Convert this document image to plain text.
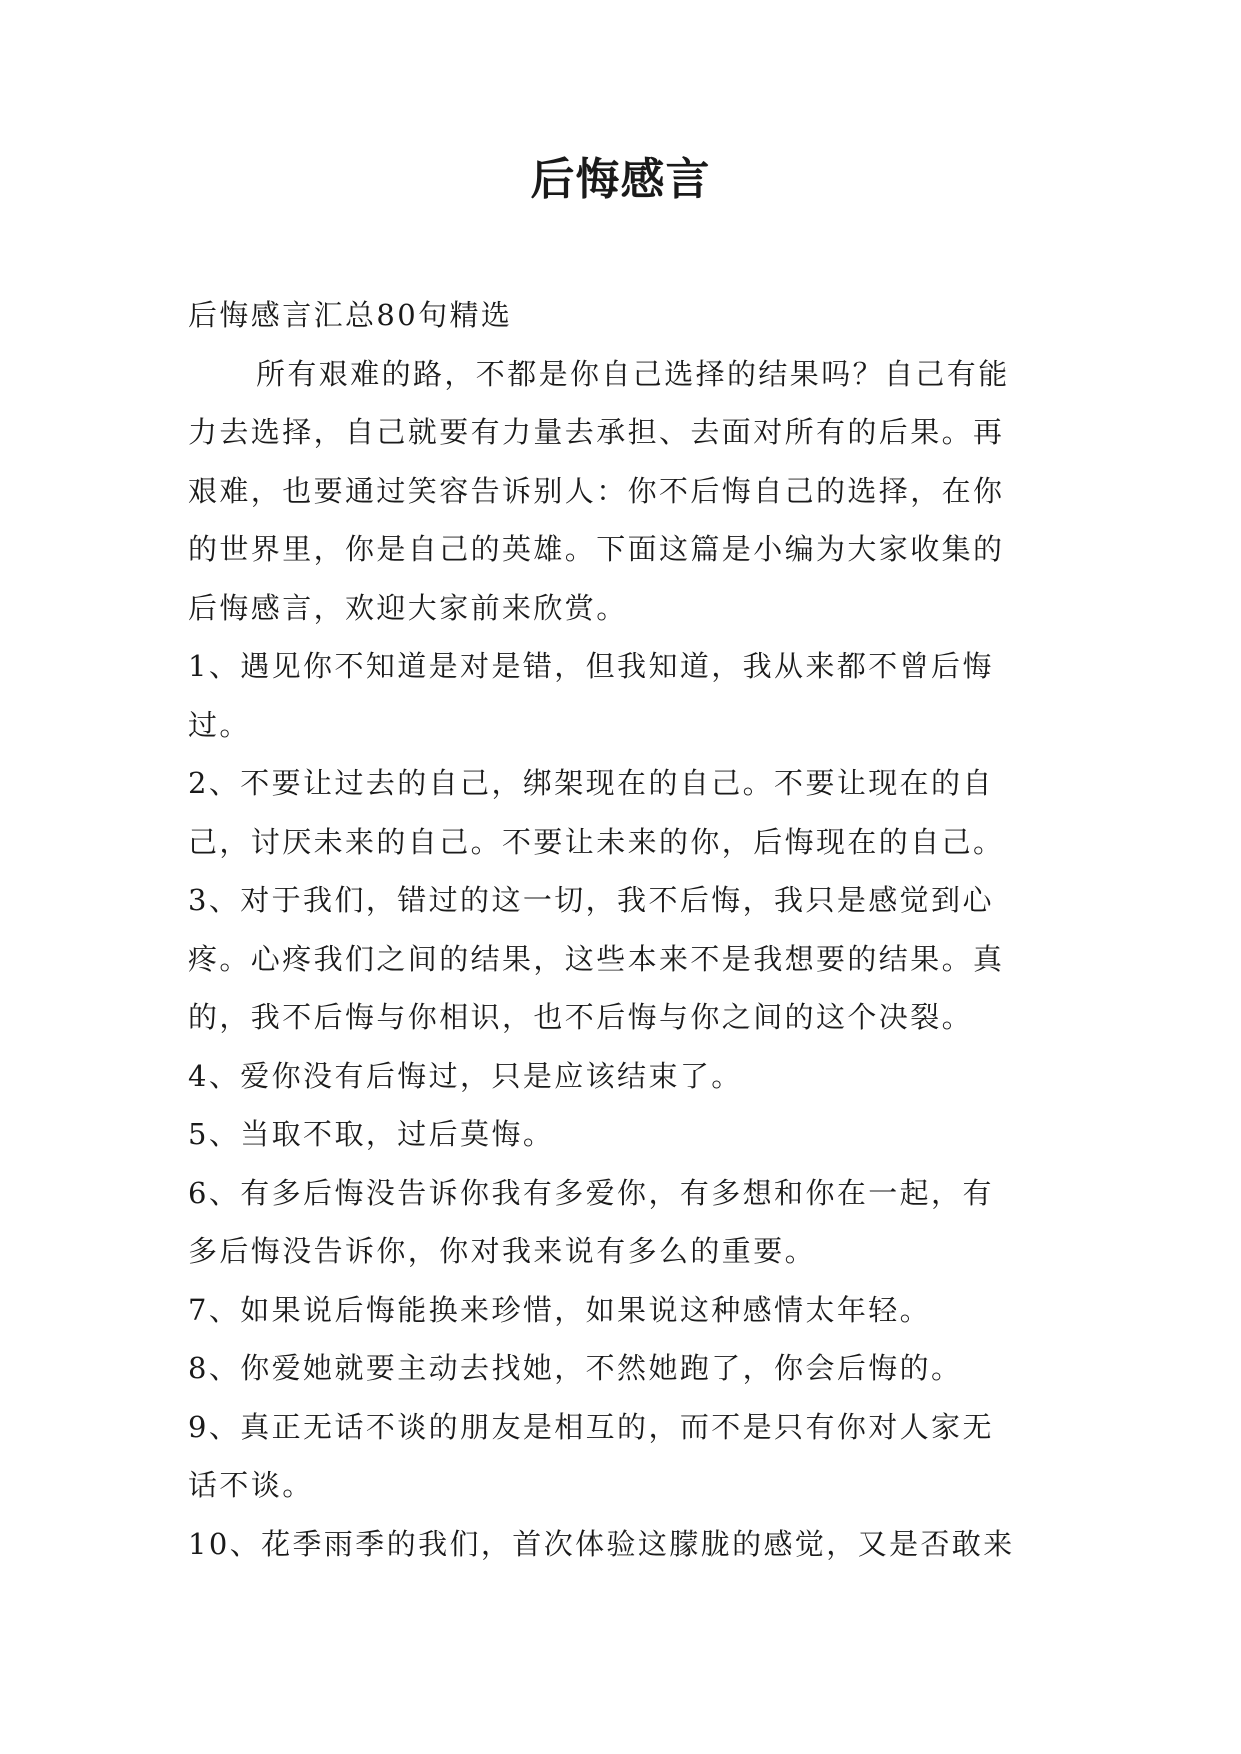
后悔感言
后悔感言汇总80句精选
所有艰难的路，不都是你自己选择的结果吗？自己有能
力去选择，自己就要有力量去承担、去面对所有的后果。再
艰难，也要通过笑容告诉别人：你不后悔自己的选择，在你
的世界里，你是自己的英雄。下面这篇是小编为大家收集的
后悔感言，欢迎大家前来欣赏。
1、遇见你不知道是对是错，但我知道，我从来都不曾后悔
过。
2、不要让过去的自己，绑架现在的自己。不要让现在的自
己，讨厌未来的自己。不要让未来的你，后悔现在的自己。
3、对于我们，错过的这一切，我不后悔，我只是感觉到心
疼。心疼我们之间的结果，这些本来不是我想要的结果。真
的，我不后悔与你相识，也不后悔与你之间的这个决裂。
4、爱你没有后悔过，只是应该结束了。
5、当取不取，过后莫悔。
6、有多后悔没告诉你我有多爱你，有多想和你在一起，有
多后悔没告诉你，你对我来说有多么的重要。
7、如果说后悔能换来珍惜，如果说这种感情太年轻。
8、你爱她就要主动去找她，不然她跑了，你会后悔的。
9、真正无话不谈的朋友是相互的，而不是只有你对人家无
话不谈。
10、花季雨季的我们，首次体验这朦胧的感觉，又是否敢来
